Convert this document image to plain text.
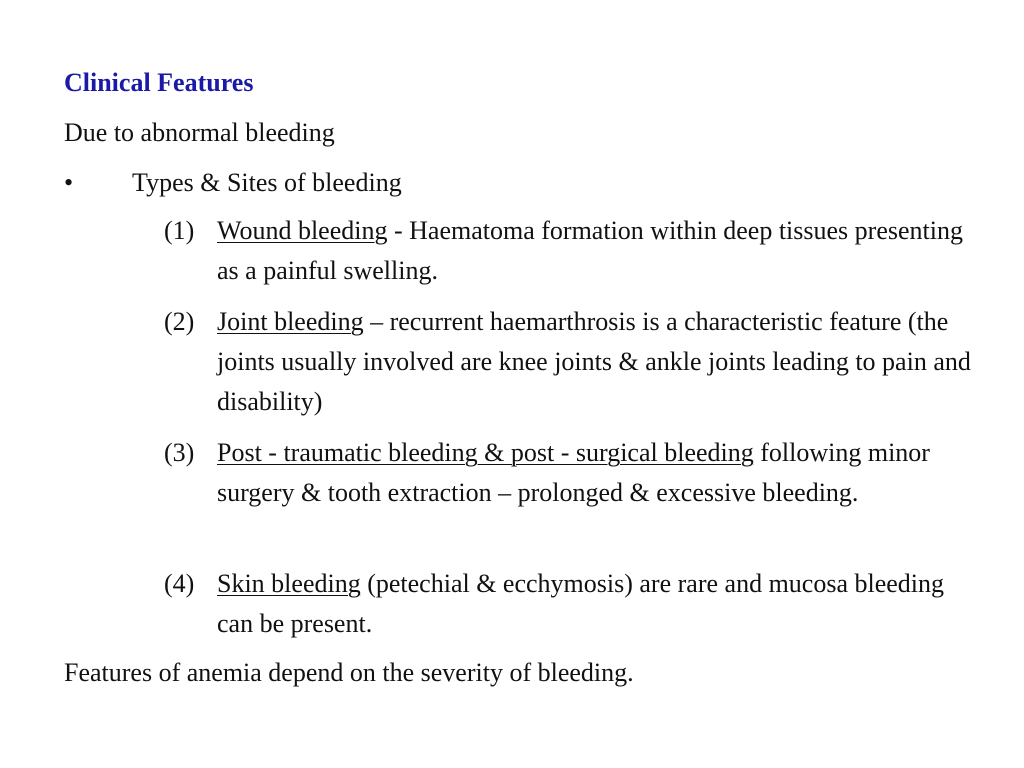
Clinical Features
Due to abnormal bleeding
• Types & Sites of bleeding
(1) Wound bleeding - Haematoma formation within deep tissues presenting as a painful swelling.
(2) Joint bleeding – recurrent haemarthrosis is a characteristic feature (the joints usually involved are knee joints & ankle joints leading to pain and disability)
(3) Post - traumatic bleeding & post - surgical bleeding following minor surgery & tooth extraction – prolonged & excessive bleeding.
(4) Skin bleeding (petechial & ecchymosis) are rare and mucosa bleeding can be present.
Features of anemia depend on the severity of bleeding.
